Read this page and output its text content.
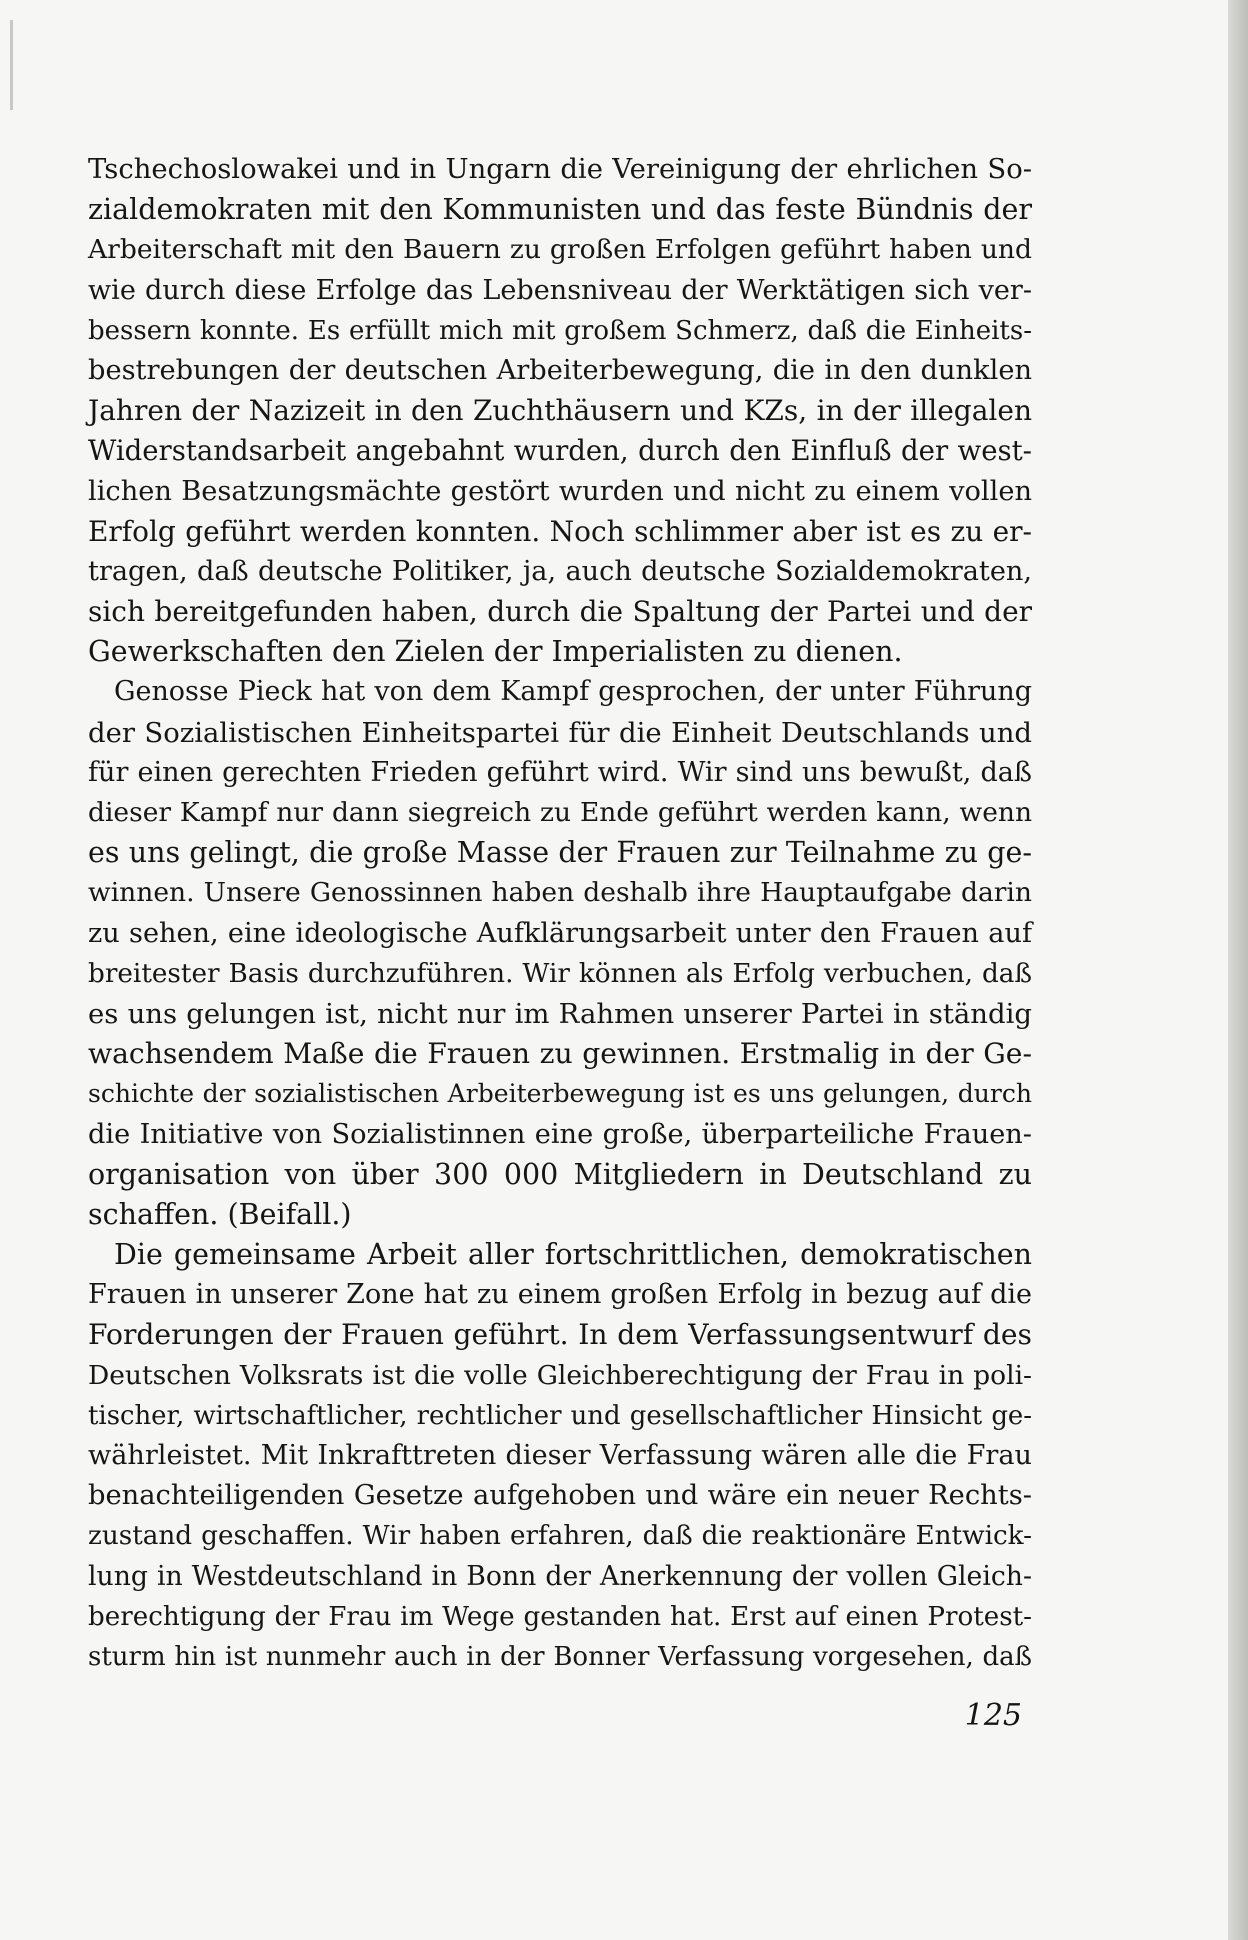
Tschechoslowakei und in Ungarn die Vereinigung der ehrlichen So-
zialdemokraten mit den Kommunisten und das feste Bündnis der
Arbeiterschaft mit den Bauern zu großen Erfolgen geführt haben und
wie durch diese Erfolge das Lebensniveau der Werktätigen sich ver-
bessern konnte. Es erfüllt mich mit großem Schmerz, daß die Einheits-
bestrebungen der deutschen Arbeiterbewegung, die in den dunklen
Jahren der Nazizeit in den Zuchthäusern und KZs, in der illegalen
Widerstandsarbeit angebahnt wurden, durch den Einfluß der west-
lichen Besatzungsmächte gestört wurden und nicht zu einem vollen
Erfolg geführt werden konnten. Noch schlimmer aber ist es zu er-
tragen, daß deutsche Politiker, ja, auch deutsche Sozialdemokraten,
sich bereitgefunden haben, durch die Spaltung der Partei und der
Gewerkschaften den Zielen der Imperialisten zu dienen.
Genosse Pieck hat von dem Kampf gesprochen, der unter Führung
der Sozialistischen Einheitspartei für die Einheit Deutschlands und
für einen gerechten Frieden geführt wird. Wir sind uns bewußt, daß
dieser Kampf nur dann siegreich zu Ende geführt werden kann, wenn
es uns gelingt, die große Masse der Frauen zur Teilnahme zu ge-
winnen. Unsere Genossinnen haben deshalb ihre Hauptaufgabe darin
zu sehen, eine ideologische Aufklärungsarbeit unter den Frauen auf
breitester Basis durchzuführen. Wir können als Erfolg verbuchen, daß
es uns gelungen ist, nicht nur im Rahmen unserer Partei in ständig
wachsendem Maße die Frauen zu gewinnen. Erstmalig in der Ge-
schichte der sozialistischen Arbeiterbewegung ist es uns gelungen, durch
die Initiative von Sozialistinnen eine große, überparteiliche Frauen-
organisation von über 300 000 Mitgliedern in Deutschland zu
schaffen. (Beifall.)
Die gemeinsame Arbeit aller fortschrittlichen, demokratischen
Frauen in unserer Zone hat zu einem großen Erfolg in bezug auf die
Forderungen der Frauen geführt. In dem Verfassungsentwurf des
Deutschen Volksrats ist die volle Gleichberechtigung der Frau in poli-
tischer, wirtschaftlicher, rechtlicher und gesellschaftlicher Hinsicht ge-
währleistet. Mit Inkrafttreten dieser Verfassung wären alle die Frau
benachteiligenden Gesetze aufgehoben und wäre ein neuer Rechts-
zustand geschaffen. Wir haben erfahren, daß die reaktionäre Entwick-
lung in Westdeutschland in Bonn der Anerkennung der vollen Gleich-
berechtigung der Frau im Wege gestanden hat. Erst auf einen Protest-
sturm hin ist nunmehr auch in der Bonner Verfassung vorgesehen, daß
125
